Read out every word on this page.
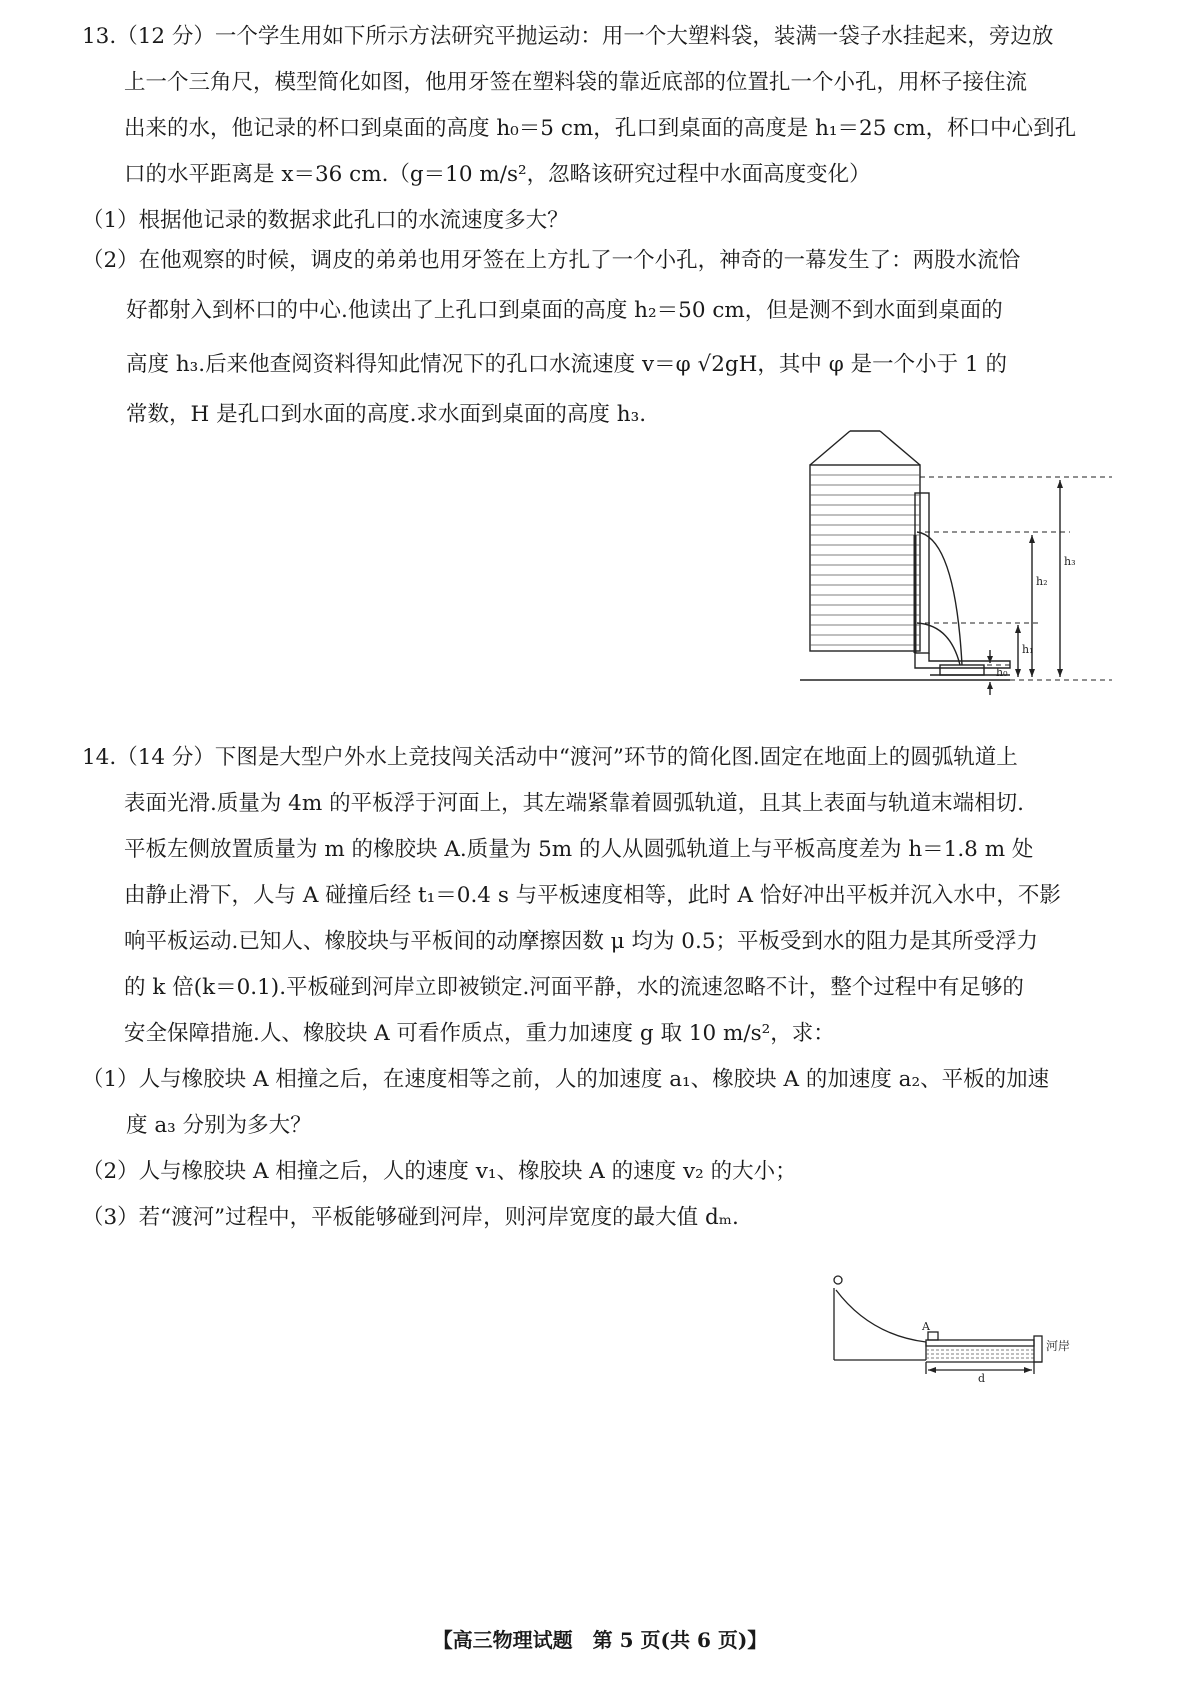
13.（12 分）一个学生用如下所示方法研究平抛运动：用一个大塑料袋，装满一袋子水挂起来，旁边放
上一个三角尺，模型简化如图，他用牙签在塑料袋的靠近底部的位置扎一个小孔，用杯子接住流
出来的水，他记录的杯口到桌面的高度 h₀＝5 cm，孔口到桌面的高度是 h₁＝25 cm，杯口中心到孔
口的水平距离是 x＝36 cm.（g＝10 m/s²，忽略该研究过程中水面高度变化）
（1）根据他记录的数据求此孔口的水流速度多大？
（2）在他观察的时候，调皮的弟弟也用牙签在上方扎了一个小孔，神奇的一幕发生了：两股水流恰
好都射入到杯口的中心.他读出了上孔口到桌面的高度 h₂＝50 cm，但是测不到水面到桌面的
高度 h₃.后来他查阅资料得知此情况下的孔口水流速度 v＝φ √2gH，其中 φ 是一个小于 1 的
常数，H 是孔口到水面的高度.求水面到桌面的高度 h₃.
h₃
h₂
h₁
h₀
14.（14 分）下图是大型户外水上竞技闯关活动中“渡河”环节的简化图.固定在地面上的圆弧轨道上
表面光滑.质量为 4m 的平板浮于河面上，其左端紧靠着圆弧轨道，且其上表面与轨道末端相切.
平板左侧放置质量为 m 的橡胶块 A.质量为 5m 的人从圆弧轨道上与平板高度差为 h＝1.8 m 处
由静止滑下，人与 A 碰撞后经 t₁＝0.4 s 与平板速度相等，此时 A 恰好冲出平板并沉入水中，不影
响平板运动.已知人、橡胶块与平板间的动摩擦因数 μ 均为 0.5；平板受到水的阻力是其所受浮力
的 k 倍(k＝0.1).平板碰到河岸立即被锁定.河面平静，水的流速忽略不计，整个过程中有足够的
安全保障措施.人、橡胶块 A 可看作质点，重力加速度 g 取 10 m/s²，求：
（1）人与橡胶块 A 相撞之后，在速度相等之前，人的加速度 a₁、橡胶块 A 的加速度 a₂、平板的加速
度 a₃ 分别为多大？
（2）人与橡胶块 A 相撞之后，人的速度 v₁、橡胶块 A 的速度 v₂ 的大小；
（3）若“渡河”过程中，平板能够碰到河岸，则河岸宽度的最大值 dₘ.
A
河岸
d
【高三物理试题　第 5 页(共 6 页)】
